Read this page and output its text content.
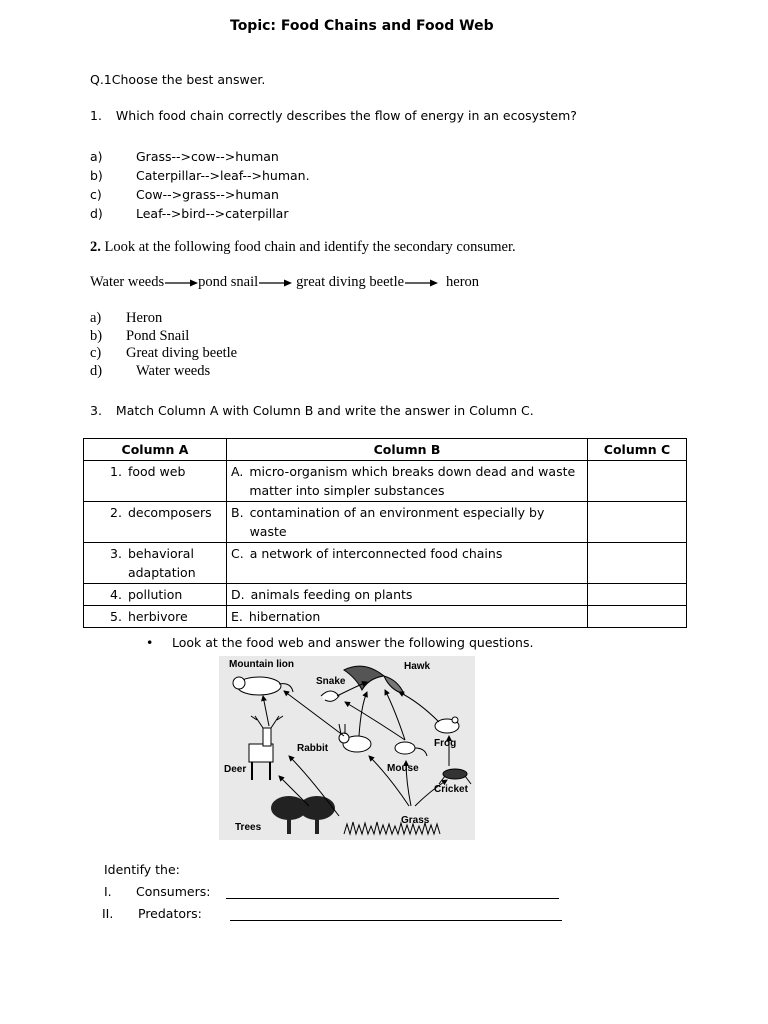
Topic: Food Chains and Food Web
Q.1Choose the best answer.
1. Which food chain correctly describes the flow of energy in an ecosystem?
a)	Grass-->cow-->human
b)	Caterpillar-->leaf-->human.
c)	Cow-->grass-->human
d)	Leaf-->bird-->caterpillar
2. Look at the following food chain and identify the secondary consumer.
Water weeds pond snail	great diving beetle	heron
a) Heron
b) Pond Snail
c) Great diving beetle
d) Water weeds
3. Match Column A with Column B and write the answer in Column C.
Column A	Column B	Column C

1. food web	A. micro-organism which breaks down dead and waste matter into simpler substances	

2. decomposers	B. contamination of an environment especially by waste	

3. behavioral adaptation	C. a network of interconnected food chains	

4. pollution	D. animals feeding on plants	

5. herbivore	E. hibernation	

• Look at the food web and answer the following questions.
Mountain lion	Hawk
Snake
Frog
Rabbit
Mouse
Deer
Cricket
Grass
Trees
Identify the:
I. Consumers:
II. Predators:
